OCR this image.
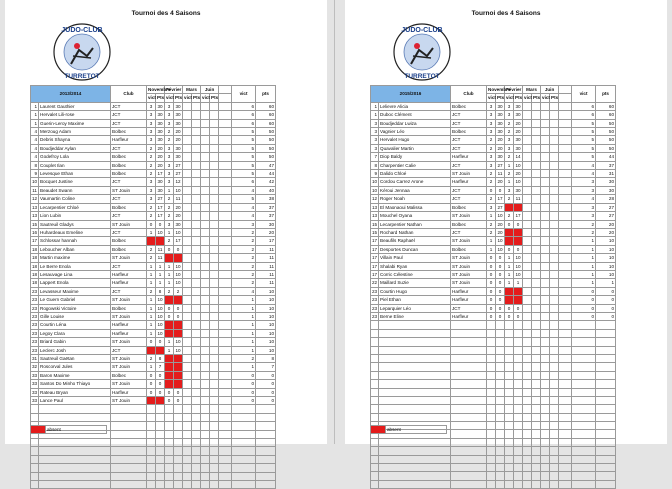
Tournoi des 4 Saisons
JUDO-CLUB
TURRETOT
2013/2014		Club	Novembre		Février		Mars		Juin			vict	pts
			vict	Pts	vict	Pts	vict	Pts	vict	Pts			
1	Laurent Gauthier	JCT	3	30	3	30						6	60
1	Hervalet Lili-rose	JCT	3	30	3	30						6	60
1	Guerin-Leroy Maxime	JCT	3	30	3	30						6	60
4	Merzoug Adam	Bolbec	3	30	2	20						5	50
4	Debris Shayna	Harfleur	3	30	2	20						5	50
4	Boudjeddar Aylan	JCT	2	20	3	30						5	50
4	Godefroy Lola	Bolbec	2	20	3	30						5	50
8	Couplet Ilan	Bolbec	2	20	3	27						5	47
9	Levesque Ethan	Bolbec	2	17	3	27						5	44
10	Bocquet Justine	JCT	3	30	3	12						6	42
11	Beaudet Swann	ST Jouin	3	30	1	10						4	40
12	Vaumartin Coline	JCT	3	27	2	11						5	38
13	Lecarpentier Chloé	Bolbec	2	17	2	20						4	37
13	Lion Lubin	JCT	2	17	2	20						4	37
15	Sautreuil Gladys	ST Jouin	0	0	3	30						3	30
16	Huhardeaux Emeline	JCT	1	10	1	10						2	20
17	Schlossar hannah	Bolbec			2	17						2	17
18	Leboucher Alban	Bolbec	2	11	0	0						2	11
18	Martin maxime	ST Jouin	2	11								2	11
18	Le Berre Enola	JCT	1	1	1	10						2	11
18	Lesauvage Lina	Harfleur	1	1	1	10						2	11
18	Lappert Enola	Harfleur	1	1	1	10						2	11
23	Levasseur Maxime	JCT	2	8	2	2						4	10
23	Le Guern Gabriel	ST Jouin	1	10								1	10
23	Rogowski Victoire	Bolbec	1	10	0	0						1	10
23	Gille Louise	ST Jouin	1	10	0	0						1	10
23	Courtin Léna	Harfleur	1	10								1	10
23	Legoy Clara	Harfleur	1	10								1	10
23	Briard Gabin	ST Jouin	0	0	1	10						1	10
23	Leclerc Josh	JCT			1	10						1	10
31	Sautreuil Gaëtan	ST Jouin	2	8								2	8
32	Roscorval Jules	ST Jouin	1	7								1	7
33	Baron Maxime	Bolbec	0	0								0	0
33	Santos Do Minho Thiayo	ST Jouin	0	0								0	0
33	Rateau Bryan	Harfleur	0	0	0	0						0	0
33	Lance Paul	ST Jouin			0	0						0	0

	absent
Tournoi des 4 Saisons
JUDO-CLUB
TURRETOT
2015/2016		Club	Novembre		Février		Mars		Juin			vict	pts
			vict	Pts	vict	Pts	vict	Pts	vict	Pts			
1	Lelievre Alicia	Bolbec	3	30	3	30						6	60
1	Duboc Clément	JCT	3	30	3	30						6	60
3	Boudjeddar Lwiza	JCT	3	30	2	20						5	50
3	Vagnier Léo	Bolbec	3	30	2	20						5	50
3	Hervalet Hugo	JCT	2	20	3	30						5	50
3	Quavalier Martin	JCT	2	20	3	30						5	50
7	Diop Baldy	Harfleur	3	30	2	14						5	44
8	Charpentier Calie	JCT	3	27	1	10						4	37
9	Dalido Chloé	ST Jouin	2	11	2	20						4	31
10	Cordou Carrez Arone	Harfleur	2	20	1	10						3	30
10	Kéroui Jennaa	JCT	0	0	3	30						3	30
12	Roger Noah	JCT	2	17	2	11						4	28
13	El Maonaoui Malissa	Bolbec	3	27								3	27
13	Mouchel Oyana	ST Jouin	1	10	2	17						3	27
15	Lecarpentier Nathan	Bolbec	2	20	0	0						2	20
15	Rochard Nathan	JCT	2	20								2	20
17	Beaufils Raphaël	ST Jouin	1	10								1	10
17	Desportes Duncan	Bolbec	1	10	0	0						1	10
17	Villain Paul	ST Jouin	0	0	1	10						1	10
17	Shalabi Ryan	ST Jouin	0	0	1	10						1	10
17	Corric Célestine	ST Jouin	0	0	1	10						1	10
22	Maillard Suzie	ST Jouin	0	0	1	1						1	1
23	Courtin Hugo	Harfleur	0	0								0	0
23	Piel Ethan	Harfleur	0	0								0	0
23	Leparquier Léo	JCT	0	0	0	0						0	0
23	Berne Eline	Harfleur	0	0	0	0						0	0

	absent
